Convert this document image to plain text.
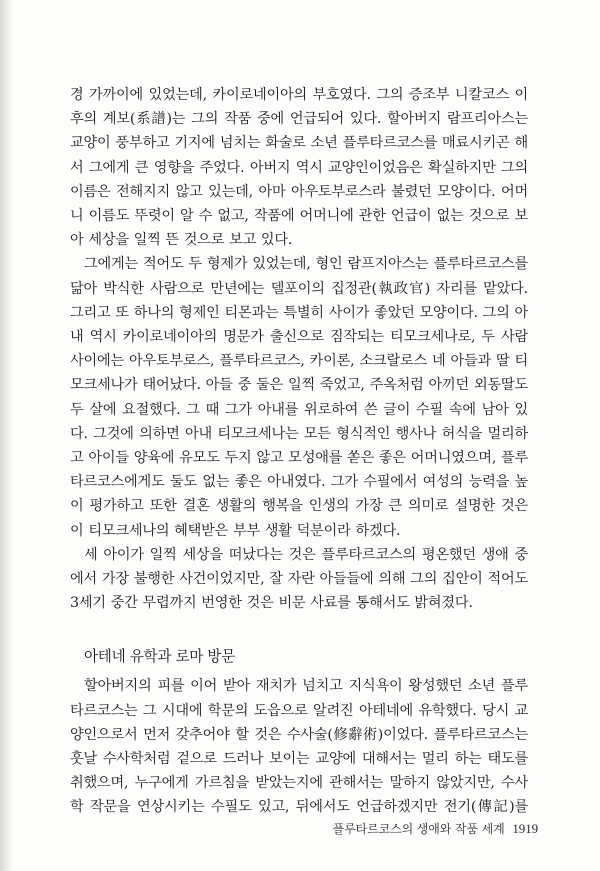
경 가까이에 있었는데, 카이로네이아의 부호였다. 그의 증조부 니칼코스 이후의 계보(系譜)는 그의 작품 중에 언급되어 있다. 할아버지 람프리아스는 교양이 풍부하고 기지에 넘치는 화술로 소년 플루타르코스를 매료시키곤 해서 그에게 큰 영향을 주었다. 아버지 역시 교양인이었음은 확실하지만 그의 이름은 전해지지 않고 있는데, 아마 아우토부로스라 불렸던 모양이다. 어머니 이름도 뚜렷이 알 수 없고, 작품에 어머니에 관한 언급이 없는 것으로 보아 세상을 일찍 뜬 것으로 보고 있다.

그에게는 적어도 두 형제가 있었는데, 형인 람프지아스는 플루타르코스를 닮아 박식한 사람으로 만년에는 델포이의 집정관(執政官) 자리를 맡았다. 그리고 또 하나의 형제인 티몬과는 특별히 사이가 좋았던 모양이다. 그의 아내 역시 카이로네이아의 명문가 출신으로 짐작되는 티모크세나로, 두 사람 사이에는 아우토부로스, 플루타르코스, 카이론, 소크랄로스 네 아들과 딸 티모크세나가 태어났다. 아들 중 둘은 일찍 죽었고, 주옥처럼 아끼던 외동딸도 두 살에 요절했다. 그 때 그가 아내를 위로하여 쓴 글이 수필 속에 남아 있다. 그것에 의하면 아내 티모크세나는 모든 형식적인 행사나 허식을 멀리하고 아이들 양육에 유모도 두지 않고 모성애를 쏟은 좋은 어머니였으며, 플루타르코스에게도 둘도 없는 좋은 아내였다. 그가 수필에서 여성의 능력을 높이 평가하고 또한 결혼 생활의 행복을 인생의 가장 큰 의미로 설명한 것은 이 티모크세나의 혜택받은 부부 생활 덕분이라 하겠다.

세 아이가 일찍 세상을 떠났다는 것은 플루타르코스의 평온했던 생애 중에서 가장 불행한 사건이었지만, 잘 자란 아들들에 의해 그의 집안이 적어도 3세기 중간 무렵까지 번영한 것은 비문 사료를 통해서도 밝혀졌다.

아테네 유학과 로마 방문

할아버지의 피를 이어 받아 재치가 넘치고 지식욕이 왕성했던 소년 플루타르코스는 그 시대에 학문의 도읍으로 알려진 아테네에 유학했다. 당시 교양인으로서 먼저 갖추어야 할 것은 수사술(修辭術)이었다. 플루타르코스는 훗날 수사학처럼 겉으로 드러나 보이는 교양에 대해서는 멀리 하는 태도를 취했으며, 누구에게 가르침을 받았는지에 관해서는 말하지 않았지만, 수사학 작문을 연상시키는 수필도 있고, 뒤에서도 언급하겠지만 전기(傳記)를

플루타르코스의 생애와 작품 세계 1919
